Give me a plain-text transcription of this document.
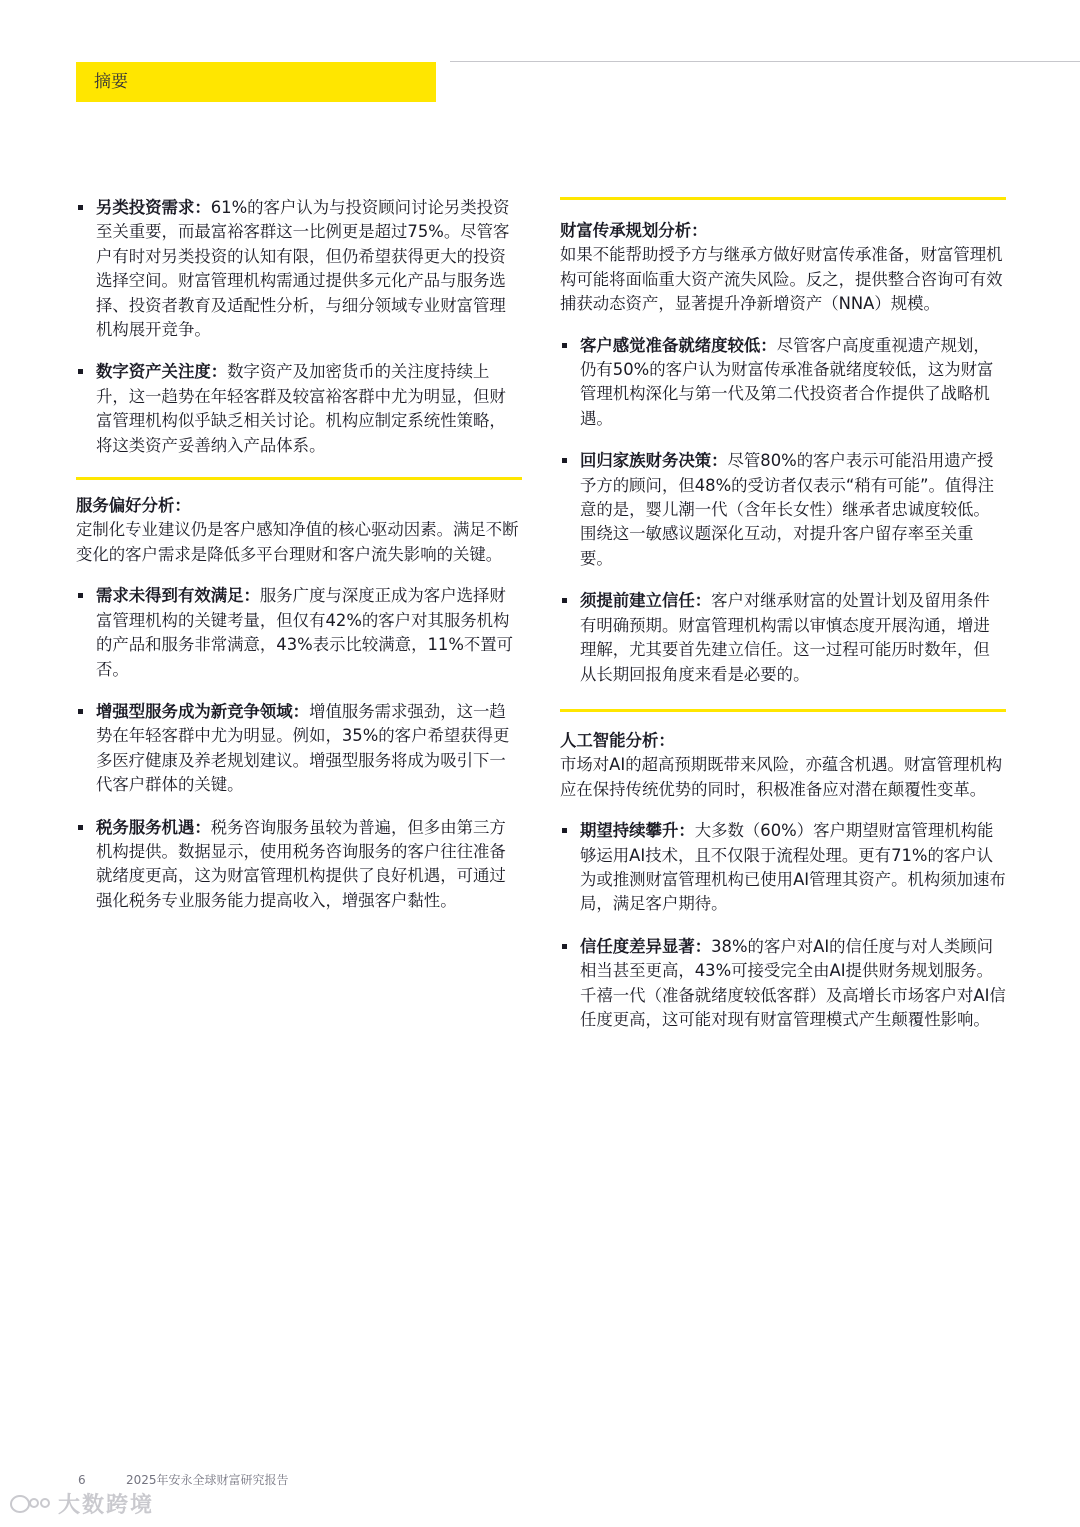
摘要
另类投资需求：61%的客户认为与投资顾问讨论另类投资至关重要，而最富裕客群这一比例更是超过75%。尽管客户有时对另类投资的认知有限，但仍希望获得更大的投资选择空间。财富管理机构需通过提供多元化产品与服务选择、投资者教育及适配性分析，与细分领域专业财富管理机构展开竞争。
数字资产关注度：数字资产及加密货币的关注度持续上升，这一趋势在年轻客群及较富裕客群中尤为明显，但财富管理机构似乎缺乏相关讨论。机构应制定系统性策略，将这类资产妥善纳入产品体系。
服务偏好分析：
定制化专业建议仍是客户感知净值的核心驱动因素。满足不断变化的客户需求是降低多平台理财和客户流失影响的关键。
需求未得到有效满足：服务广度与深度正成为客户选择财富管理机构的关键考量，但仅有42%的客户对其服务机构的产品和服务非常满意，43%表示比较满意，11%不置可否。
增强型服务成为新竞争领域：增值服务需求强劲，这一趋势在年轻客群中尤为明显。例如，35%的客户希望获得更多医疗健康及养老规划建议。增强型服务将成为吸引下一代客户群体的关键。
税务服务机遇：税务咨询服务虽较为普遍，但多由第三方机构提供。数据显示，使用税务咨询服务的客户往往准备就绪度更高，这为财富管理机构提供了良好机遇，可通过强化税务专业服务能力提高收入，增强客户黏性。
财富传承规划分析：
如果不能帮助授予方与继承方做好财富传承准备，财富管理机构可能将面临重大资产流失风险。反之，提供整合咨询可有效捕获动态资产，显著提升净新增资产（NNA）规模。
客户感觉准备就绪度较低：尽管客户高度重视遗产规划，仍有50%的客户认为财富传承准备就绪度较低，这为财富管理机构深化与第一代及第二代投资者合作提供了战略机遇。
回归家族财务决策：尽管80%的客户表示可能沿用遗产授予方的顾问，但48%的受访者仅表示“稍有可能”。值得注意的是，婴儿潮一代（含年长女性）继承者忠诚度较低。围绕这一敏感议题深化互动，对提升客户留存率至关重要。
须提前建立信任：客户对继承财富的处置计划及留用条件有明确预期。财富管理机构需以审慎态度开展沟通，增进理解，尤其要首先建立信任。这一过程可能历时数年，但从长期回报角度来看是必要的。
人工智能分析：
市场对AI的超高预期既带来风险，亦蕴含机遇。财富管理机构应在保持传统优势的同时，积极准备应对潜在颠覆性变革。
期望持续攀升：大多数（60%）客户期望财富管理机构能够运用AI技术，且不仅限于流程处理。更有71%的客户认为或推测财富管理机构已使用AI管理其资产。机构须加速布局，满足客户期待。
信任度差异显著：38%的客户对AI的信任度与对人类顾问相当甚至更高，43%可接受完全由AI提供财务规划服务。千禧一代（准备就绪度较低客群）及高增长市场客户对AI信任度更高，这可能对现有财富管理模式产生颠覆性影响。
6	2025年安永全球财富研究报告
大数跨境
